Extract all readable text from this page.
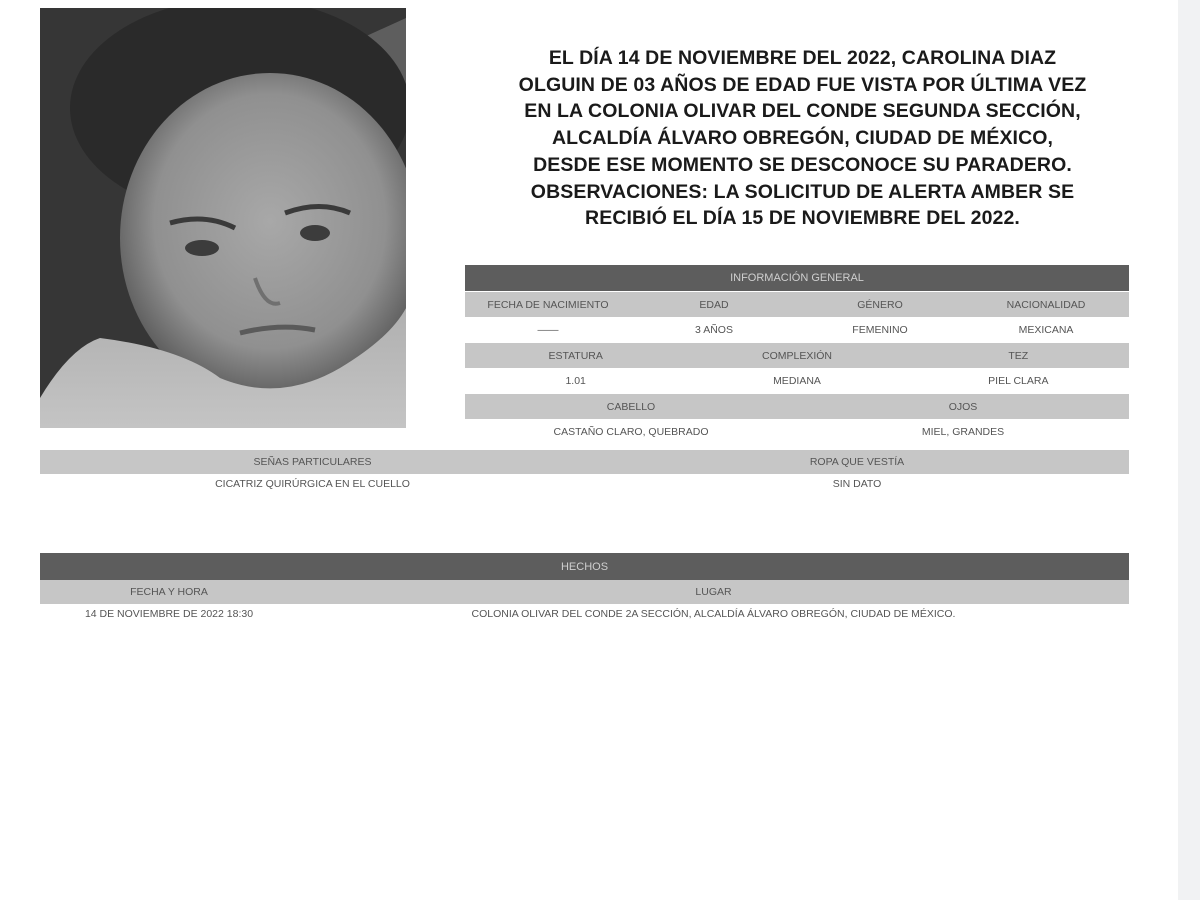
EL DÍA 14 DE NOVIEMBRE DEL 2022, CAROLINA DIAZ
OLGUIN DE 03 AÑOS DE EDAD FUE VISTA POR ÚLTIMA VEZ
EN LA COLONIA OLIVAR DEL CONDE SEGUNDA SECCIÓN,
ALCALDÍA ÁLVARO OBREGÓN, CIUDAD DE MÉXICO,
DESDE ESE MOMENTO SE DESCONOCE SU PARADERO.
OBSERVACIONES: LA SOLICITUD DE ALERTA AMBER SE
RECIBIÓ EL DÍA 15 DE NOVIEMBRE DEL 2022.
INFORMACIÓN GENERAL
FECHA DE NACIMIENTO	EDAD	GÉNERO	NACIONALIDAD
——	3 AÑOS	FEMENINO	MEXICANA
ESTATURA	COMPLEXIÓN	TEZ
1.01	MEDIANA	PIEL CLARA
CABELLO	OJOS
CASTAÑO CLARO, QUEBRADO	MIEL, GRANDES
SEÑAS PARTICULARES	ROPA QUE VESTÍA
CICATRIZ QUIRÚRGICA EN EL CUELLO	SIN DATO
HECHOS
FECHA Y HORA	LUGAR
14 DE NOVIEMBRE DE 2022 18:30	COLONIA OLIVAR DEL CONDE 2A SECCIÓN, ALCALDÍA ÁLVARO OBREGÓN, CIUDAD DE MÉXICO.
